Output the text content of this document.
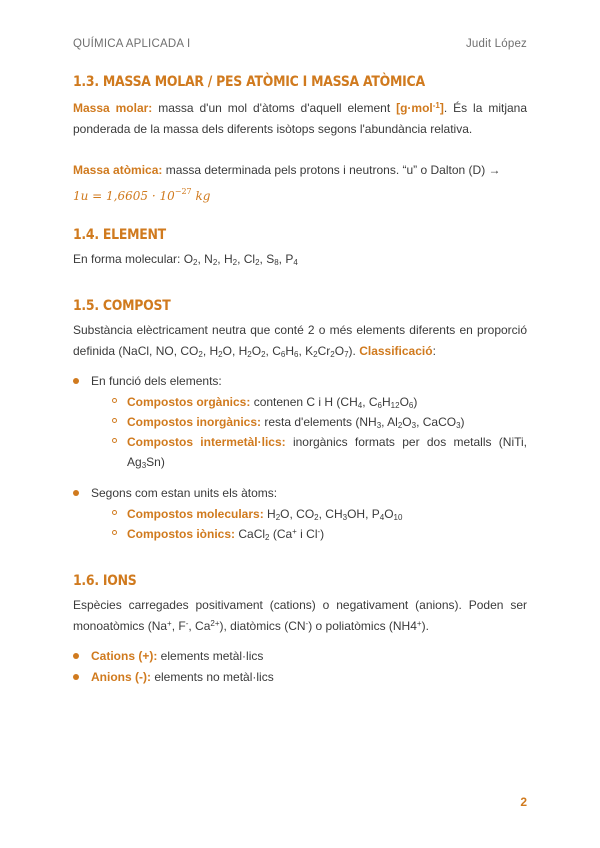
QUÍMICA APLICADA I	Judit López
1.3. MASSA MOLAR / PES ATÒMIC I MASSA ATÒMICA

Massa molar: massa d'un mol d'àtoms d'aquell element [g·mol$^{-1}$]. És la mitjana ponderada de la massa dels diferents isòtops segons l'abundància relativa.

Massa atòmica: massa determinada pels protons i neutrons. “u” o Dalton (D) →

$1u = 1,6605 \cdot 10^{-27}$ kg
1.4. ELEMENT

En forma molecular: $O_2$, $N_2$, $H_2$, $Cl_2$, $S_8$, $P_4$

1.5. COMPOST

Substància elèctricament neutra que conté 2 o més elements diferents en proporció definida (NaCl, NO, $CO_2$, $H_2O$, $H_2O_2$, $C_6H_6$, $K_2Cr_2O_7$). Classificació:

En funció dels elements:
Compostos orgànics: contenen C i H ($CH_4$, $C_6H_{12}O_6$)
Compostos inorgànics: resta d'elements ($NH_3$, $Al_2O_3$, CaCO$_3$)
Compostos intermetàl·lics: inorgànics formats per dos metalls (NiTi, $Ag_3Sn$)
Segons com estan units els àtoms:
Compostos moleculars: $H_2O$, $CO_2$, $CH_3OH$, $P_4O_{10}$
Compostos iònics: CaCl$_2$ (Ca+ i Cl-)
1.6. IONS

Espècies carregades positivament (cations) o negativament (anions). Poden ser monoatòmics (Na+, F-, $Ca^{2+}$), diatòmics (CN-) o poliatòmics (NH4+).

Cations (+): elements metàl·lics
Anions (-): elements no metàl·lics
2
